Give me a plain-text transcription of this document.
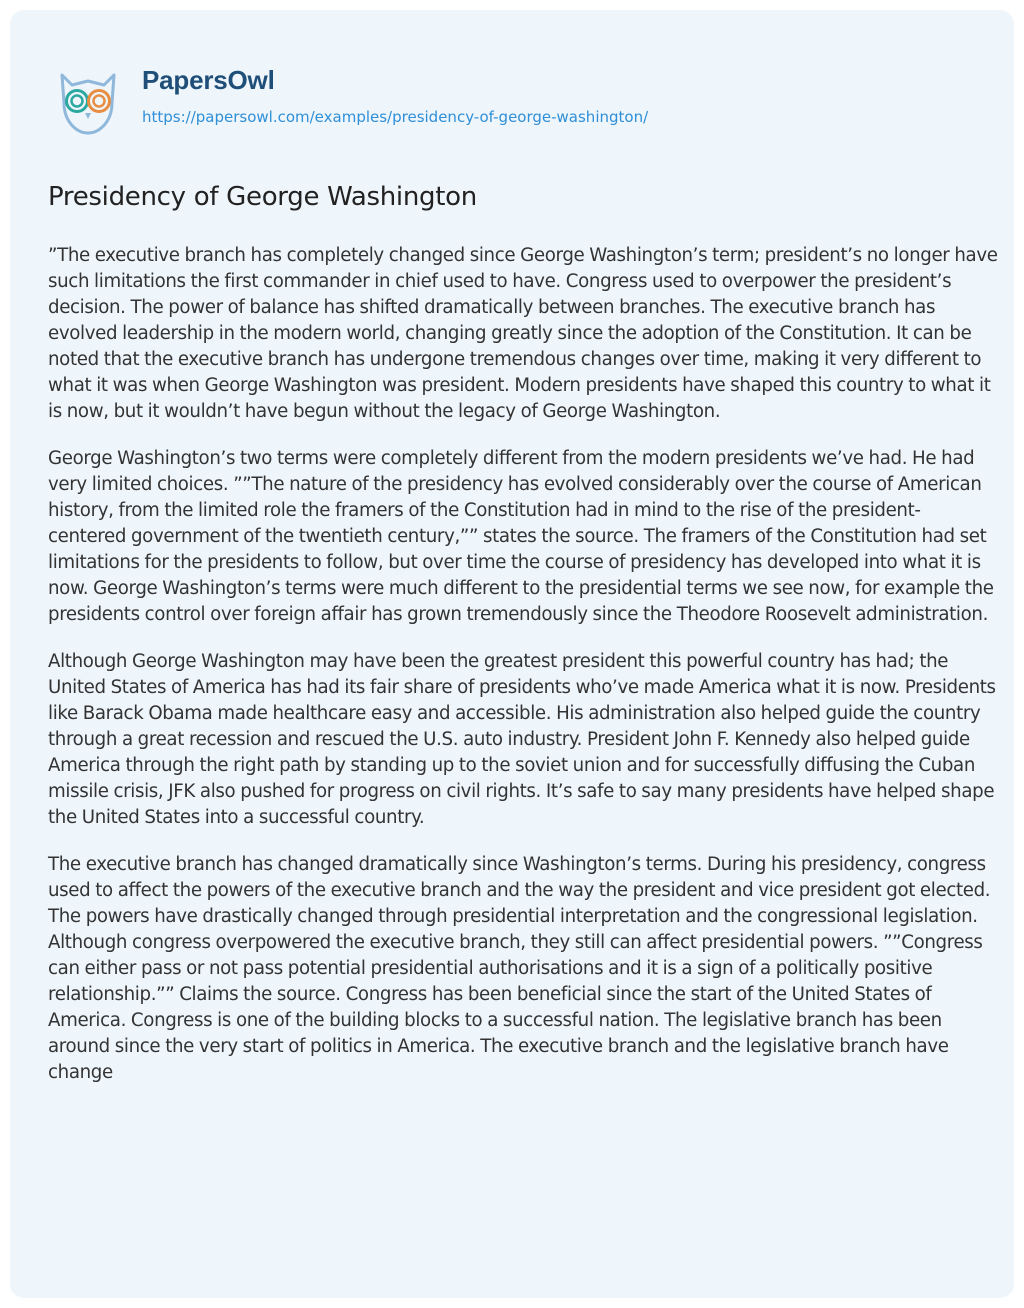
PapersOwl
https://papersowl.com/examples/presidency-of-george-washington/
Presidency of George Washington

”The executive branch has completely changed since George Washington’s term; president’s no longer have such limitations the first commander in chief used to have. Congress used to overpower the president’s decision. The power of balance has shifted dramatically between branches. The executive branch has evolved leadership in the modern world, changing greatly since the adoption of the Constitution. It can be noted that the executive branch has undergone tremendous changes over time, making it very different to what it was when George Washington was president. Modern presidents have shaped this country to what it is now, but it wouldn’t have begun without the legacy of George Washington.

George Washington’s two terms were completely different from the modern presidents we’ve had. He had very limited choices. ””The nature of the presidency has evolved considerably over the course of American history, from the limited role the framers of the Constitution had in mind to the rise of the president-centered government of the twentieth century,”” states the source. The framers of the Constitution had set limitations for the presidents to follow, but over time the course of presidency has developed into what it is now. George Washington’s terms were much different to the presidential terms we see now, for example the presidents control over foreign affair has grown tremendously since the Theodore Roosevelt administration.

Although George Washington may have been the greatest president this powerful country has had; the United States of America has had its fair share of presidents who’ve made America what it is now. Presidents like Barack Obama made healthcare easy and accessible. His administration also helped guide the country through a great recession and rescued the U.S. auto industry. President John F. Kennedy also helped guide America through the right path by standing up to the soviet union and for successfully diffusing the Cuban missile crisis, JFK also pushed for progress on civil rights. It’s safe to say many presidents have helped shape the United States into a successful country.

The executive branch has changed dramatically since Washington’s terms. During his presidency, congress used to affect the powers of the executive branch and the way the president and vice president got elected. The powers have drastically changed through presidential interpretation and the congressional legislation. Although congress overpowered the executive branch, they still can affect presidential powers. ””Congress can either pass or not pass potential presidential authorisations and it is a sign of a politically positive relationship.”” Claims the source. Congress has been beneficial since the start of the United States of America. Congress is one of the building blocks to a successful nation. The legislative branch has been around since the very start of politics in America. The executive branch and the legislative branch have change
